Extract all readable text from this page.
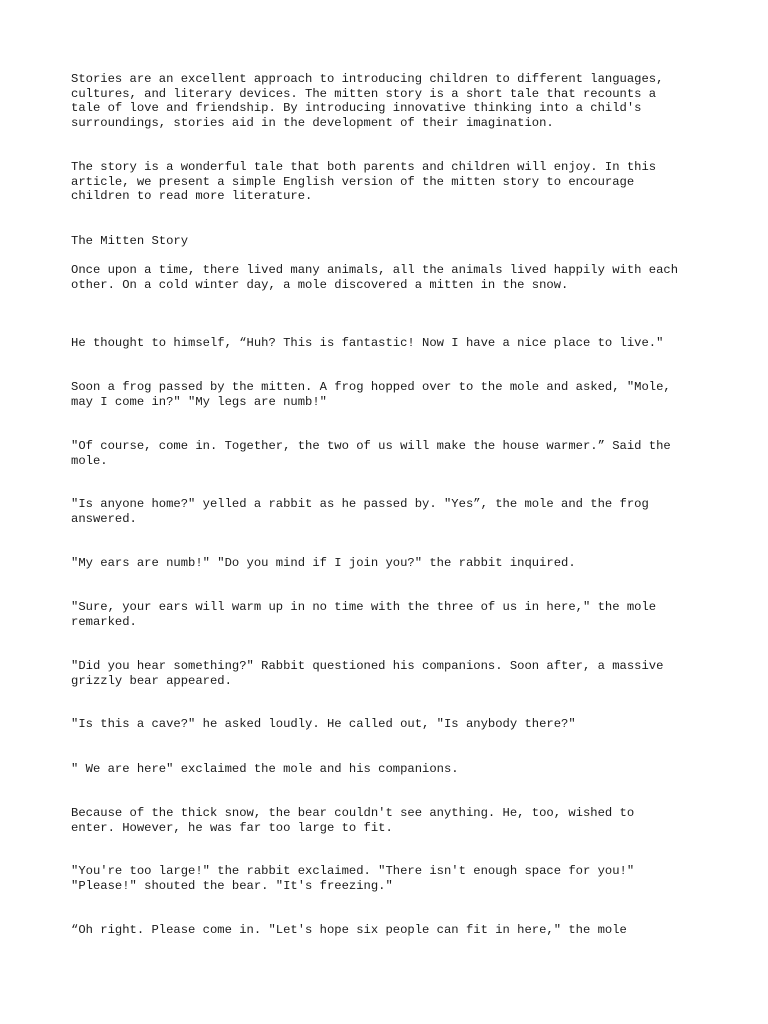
Stories are an excellent approach to introducing children to different languages,
cultures, and literary devices. The mitten story is a short tale that recounts a
tale of love and friendship. By introducing innovative thinking into a child's
surroundings, stories aid in the development of their imagination.

The story is a wonderful tale that both parents and children will enjoy. In this
article, we present a simple English version of the mitten story to encourage
children to read more literature.

The Mitten Story

Once upon a time, there lived many animals, all the animals lived happily with each
other. On a cold winter day, a mole discovered a mitten in the snow.

He thought to himself, “Huh? This is fantastic! Now I have a nice place to live."

Soon a frog passed by the mitten. A frog hopped over to the mole and asked, "Mole,
may I come in?" "My legs are numb!"

"Of course, come in. Together, the two of us will make the house warmer.” Said the
mole.

"Is anyone home?" yelled a rabbit as he passed by. "Yes”, the mole and the frog
answered.

"My ears are numb!" "Do you mind if I join you?" the rabbit inquired.

"Sure, your ears will warm up in no time with the three of us in here," the mole
remarked.

"Did you hear something?" Rabbit questioned his companions. Soon after, a massive
grizzly bear appeared.

"Is this a cave?" he asked loudly. He called out, "Is anybody there?"

" We are here" exclaimed the mole and his companions.

Because of the thick snow, the bear couldn't see anything. He, too, wished to
enter. However, he was far too large to fit.

"You're too large!" the rabbit exclaimed. "There isn't enough space for you!"
"Please!" shouted the bear. "It's freezing."

“Oh right. Please come in. "Let's hope six people can fit in here," the mole
